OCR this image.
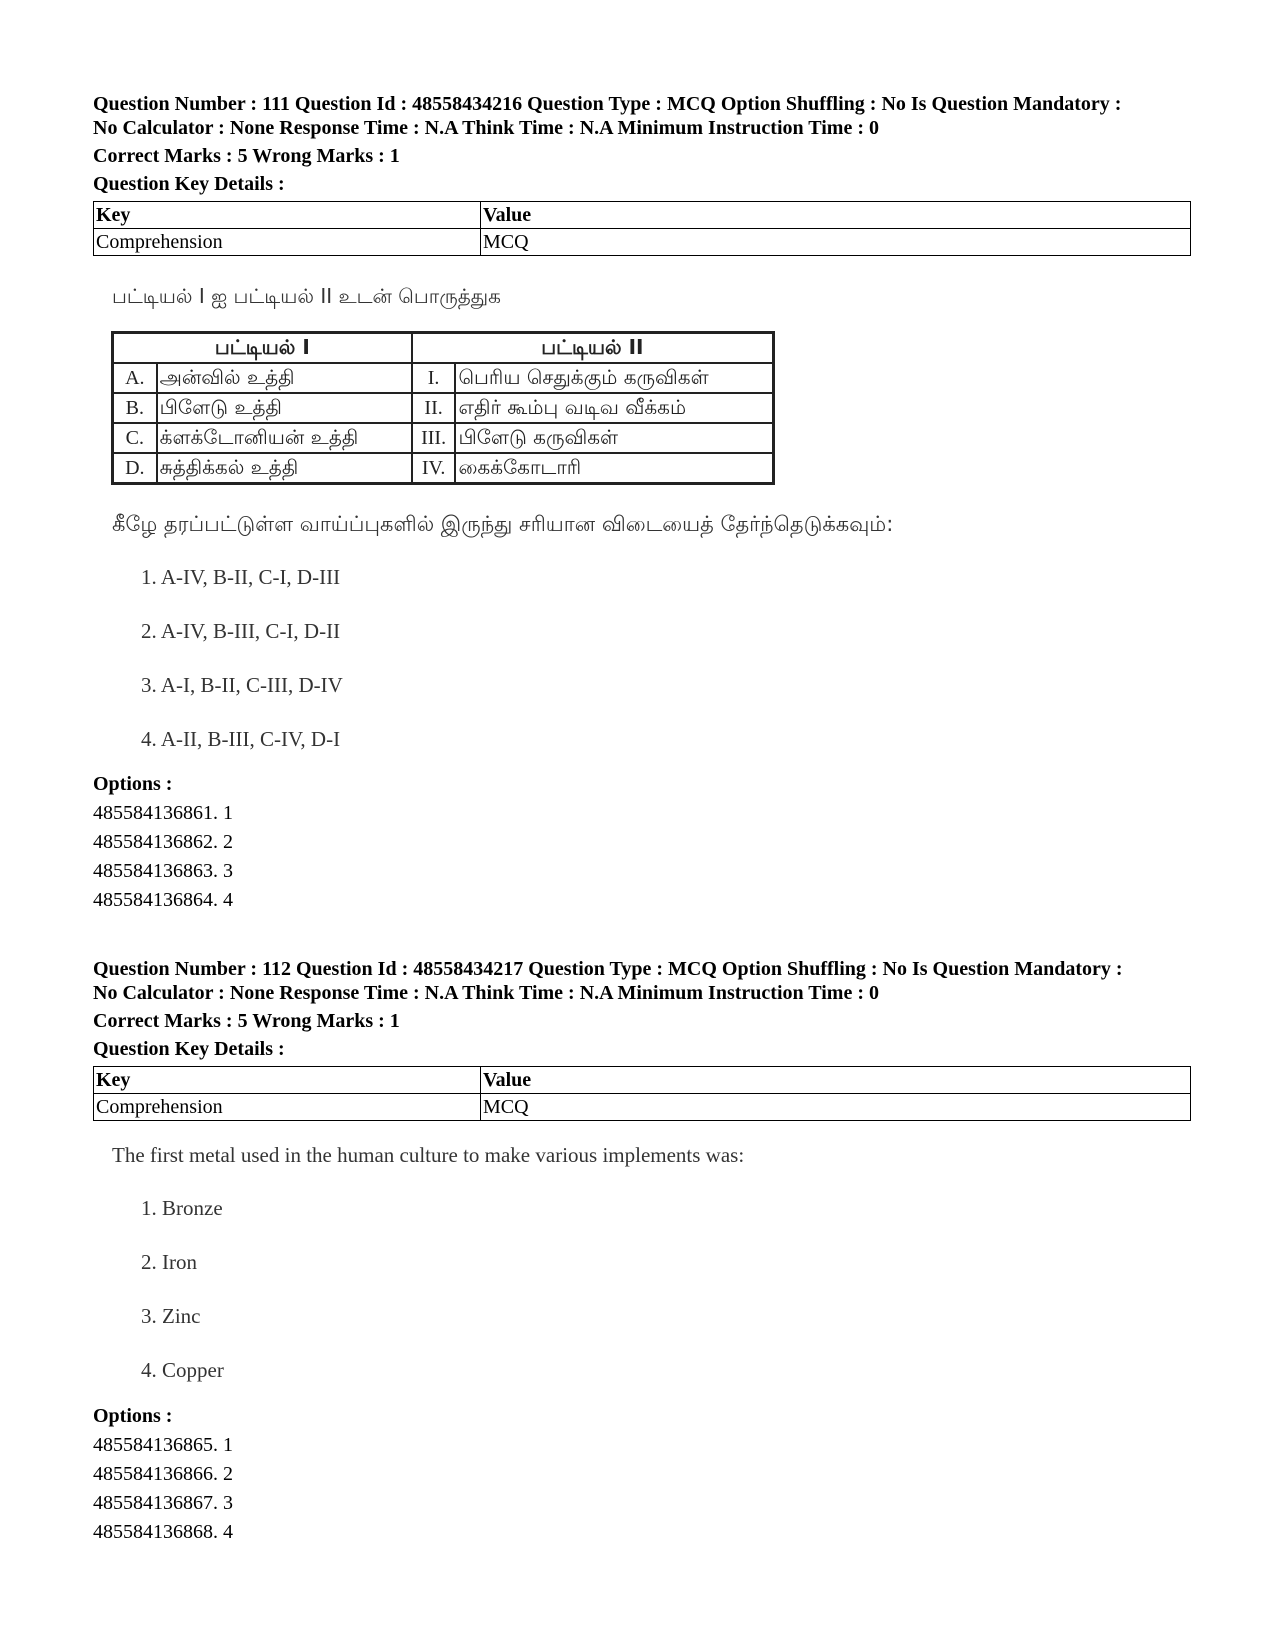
Question Number : 111 Question Id : 48558434216 Question Type : MCQ Option Shuffling : No Is Question Mandatory :

No Calculator : None Response Time : N.A Think Time : N.A Minimum Instruction Time : 0

Correct Marks : 5 Wrong Marks : 1
Question Key Details :
Key	Value
Comprehension	MCQ
பட்டியல் I ஐ பட்டியல் II உடன் பொருத்துக
பட்டியல் I		பட்டியல் II	
A.	அன்வில் உத்தி	I.	பெரிய செதுக்கும் கருவிகள்
B.	பிளேடு உத்தி	II.	எதிர் கூம்பு வடிவ வீக்கம்
C.	க்ளக்டோனியன் உத்தி	III.	பிளேடு கருவிகள்
D.	சுத்திக்கல் உத்தி	IV.	கைக்கோடாரி
கீழே தரப்பட்டுள்ள வாய்ப்புகளில் இருந்து சரியான விடையைத் தேர்ந்தெடுக்கவும்:
1. A-IV, B-II, C-I, D-III
2. A-IV, B-III, C-I, D-II
3. A-I, B-II, C-III, D-IV
4. A-II, B-III, C-IV, D-I
Options :
485584136861. 1
485584136862. 2
485584136863. 3
485584136864. 4

Question Number : 112 Question Id : 48558434217 Question Type : MCQ Option Shuffling : No Is Question Mandatory :

No Calculator : None Response Time : N.A Think Time : N.A Minimum Instruction Time : 0

Correct Marks : 5 Wrong Marks : 1
Question Key Details :
Key	Value
Comprehension	MCQ
The first metal used in the human culture to make various implements was:
1. Bronze
2. Iron
3. Zinc
4. Copper
Options :
485584136865. 1
485584136866. 2
485584136867. 3
485584136868. 4
